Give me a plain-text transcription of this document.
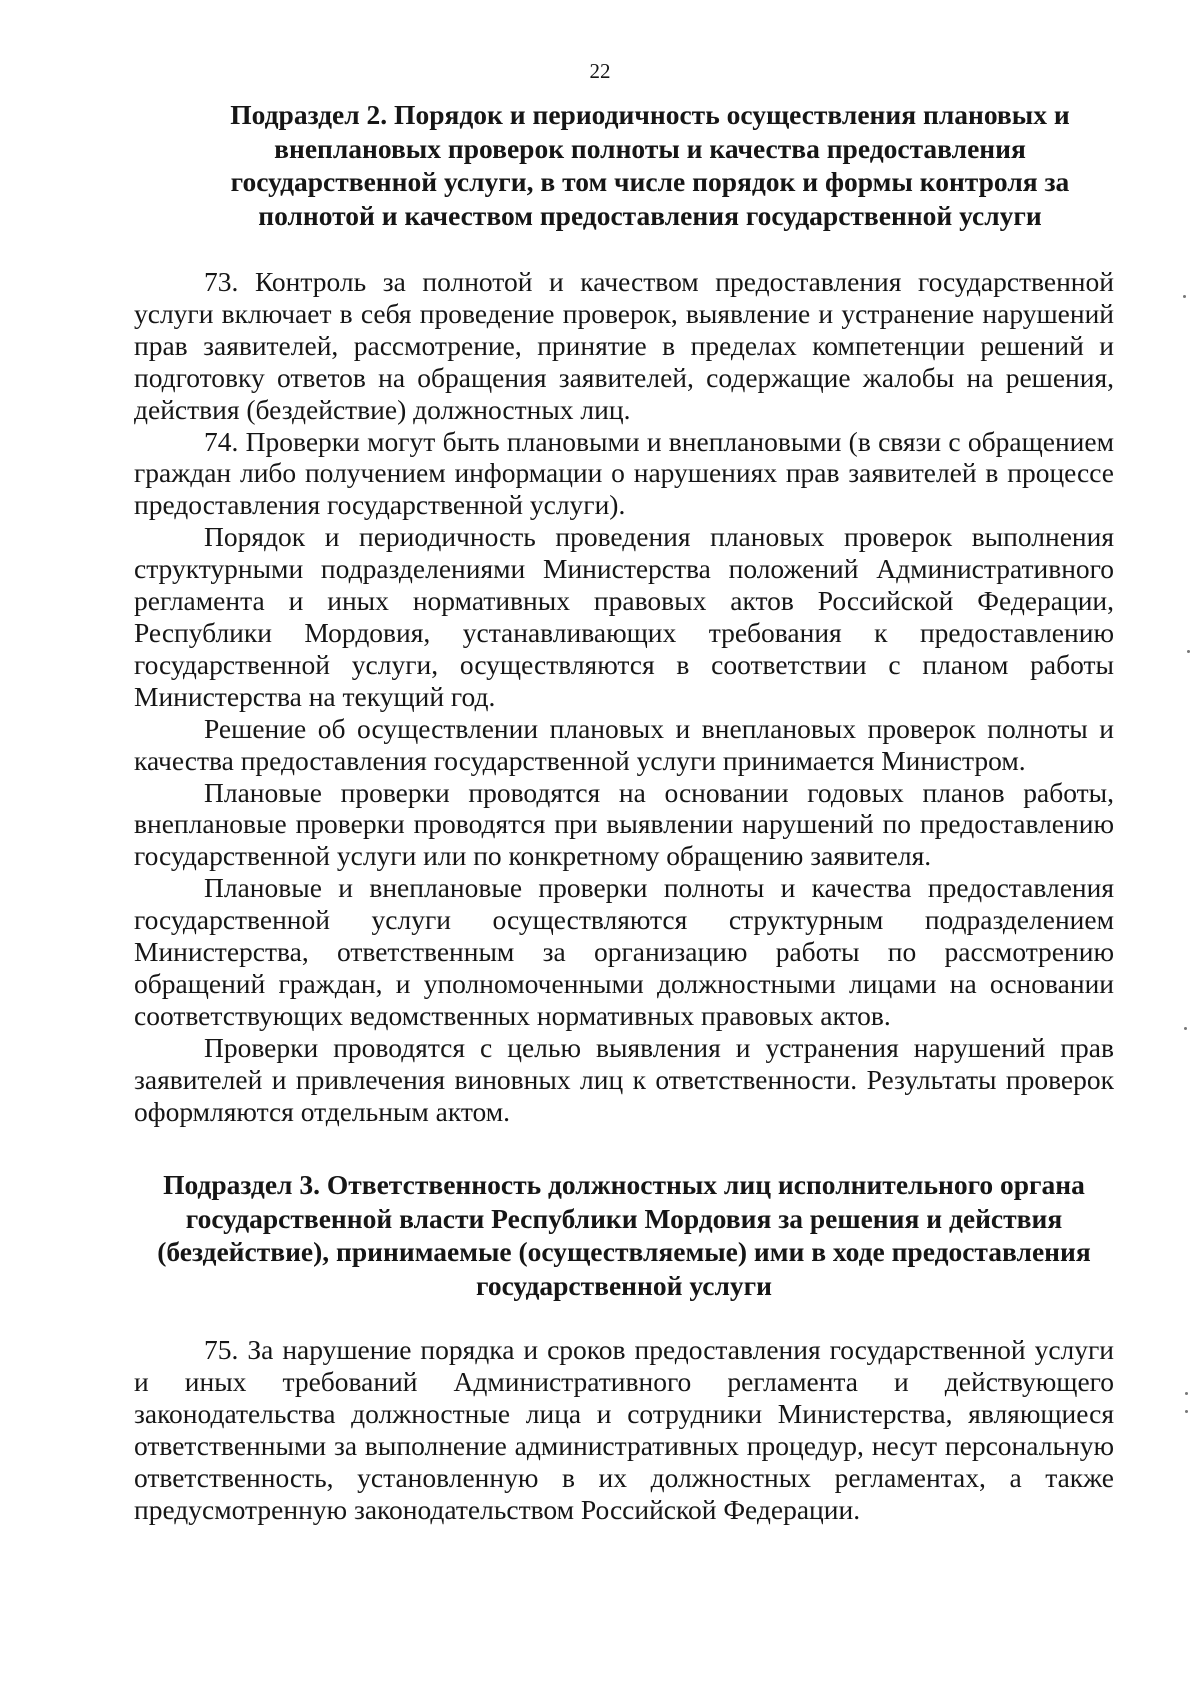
22
Подраздел 2. Порядок и периодичность осуществления плановых и
внеплановых проверок полноты и качества предоставления
государственной услуги, в том числе порядок и формы контроля за
полнотой и качеством предоставления государственной услуги

73. Контроль за полнотой и качеством предоставления государственной услуги включает в себя проведение проверок, выявление и устранение нарушений прав заявителей, рассмотрение, принятие в пределах компетенции решений и подготовку ответов на обращения заявителей, содержащие жалобы на решения, действия (бездействие) должностных лиц.

74. Проверки могут быть плановыми и внеплановыми (в связи с обращением граждан либо получением информации о нарушениях прав заявителей в процессе предоставления государственной услуги).

Порядок и периодичность проведения плановых проверок выполнения структурными подразделениями Министерства положений Административного регламента и иных нормативных правовых актов Российской Федерации, Республики Мордовия, устанавливающих требования к предоставлению государственной услуги, осуществляются в соответствии с планом работы Министерства на текущий год.

Решение об осуществлении плановых и внеплановых проверок полноты и качества предоставления государственной услуги принимается Министром.

Плановые проверки проводятся на основании годовых планов работы, внеплановые проверки проводятся при выявлении нарушений по предоставлению государственной услуги или по конкретному обращению заявителя.

Плановые и внеплановые проверки полноты и качества предоставления государственной услуги осуществляются структурным подразделением Министерства, ответственным за организацию работы по рассмотрению обращений граждан, и уполномоченными должностными лицами на основании соответствующих ведомственных нормативных правовых актов.

Проверки проводятся с целью выявления и устранения нарушений прав заявителей и привлечения виновных лиц к ответственности. Результаты проверок оформляются отдельным актом.

Подраздел 3. Ответственность должностных лиц исполнительного органа
государственной власти Республики Мордовия за решения и действия
(бездействие), принимаемые (осуществляемые) ими в ходе предоставления
государственной услуги

75. За нарушение порядка и сроков предоставления государственной услуги и иных требований Административного регламента и действующего законодательства должностные лица и сотрудники Министерства, являющиеся ответственными за выполнение административных процедур, несут персональную ответственность, установленную в их должностных регламентах, а также предусмотренную законодательством Российской Федерации.
